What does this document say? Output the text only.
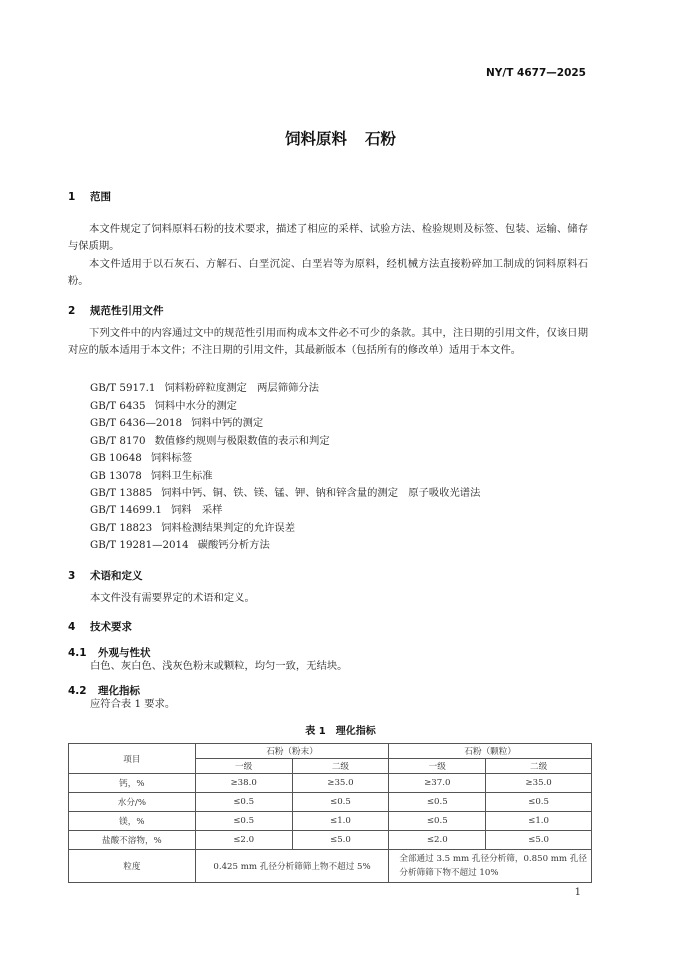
NY/T 4677—2025
饲料原料 石粉
1 范围
本文件规定了饲料原料石粉的技术要求，描述了相应的采样、试验方法、检验规则及标签、包装、运输、储存与保质期。
本文件适用于以石灰石、方解石、白垩沉淀、白垩岩等为原料，经机械方法直接粉碎加工制成的饲料原料石粉。
2 规范性引用文件
下列文件中的内容通过文中的规范性引用而构成本文件必不可少的条款。其中，注日期的引用文件，仅该日期对应的版本适用于本文件；不注日期的引用文件，其最新版本（包括所有的修改单）适用于本文件。
GB/T 5917.1 饲料粉碎粒度测定　两层筛筛分法
GB/T 6435 饲料中水分的测定
GB/T 6436—2018 饲料中钙的测定
GB/T 8170 数值修约规则与极限数值的表示和判定
GB 10648 饲料标签
GB 13078 饲料卫生标准
GB/T 13885 饲料中钙、铜、铁、镁、锰、钾、钠和锌含量的测定　原子吸收光谱法
GB/T 14699.1 饲料　采样
GB/T 18823 饲料检测结果判定的允许误差
GB/T 19281—2014 碳酸钙分析方法
3 术语和定义
本文件没有需要界定的术语和定义。
4 技术要求
4.1 外观与性状
白色、灰白色、浅灰色粉末或颗粒，均匀一致，无结块。
4.2 理化指标
应符合表 1 要求。
表 1 理化指标
项目	石粉（粉末）		石粉（颗粒）	
	一级	二级	一级	二级
钙，%	≥38.0	≥35.0	≥37.0	≥35.0
水分/%	≤0.5	≤0.5	≤0.5	≤0.5
镁，%	≤0.5	≤1.0	≤0.5	≤1.0
盐酸不溶物，%	≤2.0	≤5.0	≤2.0	≤5.0
粒度	0.425 mm 孔径分析筛筛上物不超过 5%		全部通过 3.5 mm 孔径分析筛，0.850 mm 孔径分析筛筛下物不超过 10%	
1
